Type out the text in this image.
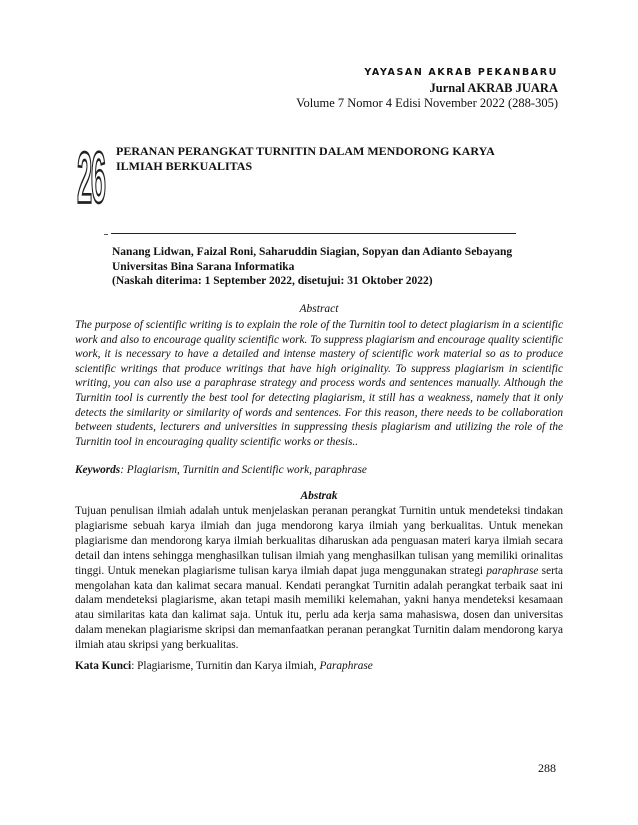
YAYASAN AKRAB PEKANBARU
Jurnal AKRAB JUARA
Volume 7 Nomor 4 Edisi November 2022 (288-305)
26 PERANAN PERANGKAT TURNITIN DALAM MENDORONG KARYA ILMIAH BERKUALITAS
Nanang Lidwan, Faizal Roni, Saharuddin Siagian, Sopyan dan Adianto Sebayang
Universitas Bina Sarana Informatika
(Naskah diterima: 1 September 2022, disetujui: 31 Oktober 2022)
Abstract

The purpose of scientific writing is to explain the role of the Turnitin tool to detect plagiarism in a scientific work and also to encourage quality scientific work. To suppress plagiarism and encourage quality scientific work, it is necessary to have a detailed and intense mastery of scientific work material so as to produce scientific writings that produce writings that have high originality. To suppress plagiarism in scientific writing, you can also use a paraphrase strategy and process words and sentences manually. Although the Turnitin tool is currently the best tool for detecting plagiarism, it still has a weakness, namely that it only detects the similarity or similarity of words and sentences. For this reason, there needs to be collaboration between students, lecturers and universities in suppressing thesis plagiarism and utilizing the role of the Turnitin tool in encouraging quality scientific works or thesis..

Keywords: Plagiarism, Turnitin and Scientific work, paraphrase
Abstrak

Tujuan penulisan ilmiah adalah untuk menjelaskan peranan perangkat Turnitin untuk mendeteksi tindakan plagiarisme sebuah karya ilmiah dan juga mendorong karya ilmiah yang berkualitas. Untuk menekan plagiarisme dan mendorong karya ilmiah berkualitas diharuskan ada penguasan materi karya ilmiah secara detail dan intens sehingga menghasilkan tulisan ilmiah yang menghasilkan tulisan yang memiliki orinalitas tinggi. Untuk menekan plagiarisme tulisan karya ilmiah dapat juga menggunakan strategi paraphrase serta mengolahan kata dan kalimat secara manual. Kendati perangkat Turnitin adalah perangkat terbaik saat ini dalam mendeteksi plagiarisme, akan tetapi masih memiliki kelemahan, yakni hanya mendeteksi kesamaan atau similaritas kata dan kalimat saja. Untuk itu, perlu ada kerja sama mahasiswa, dosen dan universitas dalam menekan plagiarisme skripsi dan memanfaatkan peranan perangkat Turnitin dalam mendorong karya ilmiah atau skripsi yang berkualitas.

Kata Kunci: Plagiarisme, Turnitin dan Karya ilmiah, Paraphrase
288
